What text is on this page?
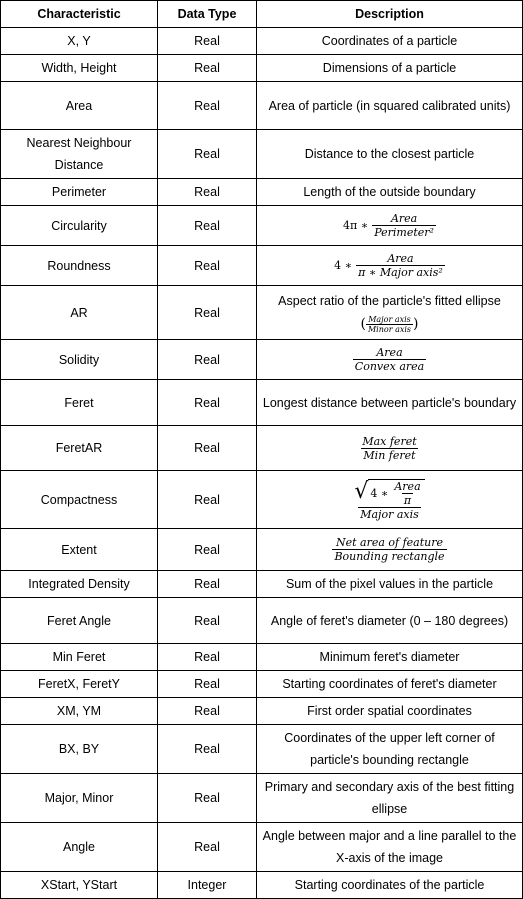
Characteristic	Data Type	Description
X, Y	Real	Coordinates of a particle
Width, Height	Real	Dimensions of a particle
Area	Real	Area of particle (in squared calibrated units)
Nearest Neighbour Distance	Real	Distance to the closest particle
Perimeter	Real	Length of the outside boundary
Circularity	Real	4π ∗ $\frac{\text{Area}}{\text{Perimeter²}}$

Roundness	Real	4 ∗ $\frac{\text{Area}}{\text{π ∗ Major axis²}}$

AR	Real	Aspect ratio of the particle's fitted ellipse
( $\frac{\text{Major axis}}{\text{Minor axis}}$ )
Solidity	Real	$\frac{\text{Area}}{\text{Convex area}}$

Feret	Real	Longest distance between particle's boundary
FeretAR	Real	$\frac{\text{Max feret}}{\text{Min feret}}$

Compactness	Real	$\frac{√ 4 ∗ \frac{\text{Area}}{\pi}}{\text{Major axis}}$

Extent	Real	$\frac{\text{Net area of feature}}{\text{Bounding rectangle}}$

Integrated Density	Real	Sum of the pixel values in the particle
Feret Angle	Real	Angle of feret's diameter (0 – 180 degrees)
Min Feret	Real	Minimum feret's diameter
FeretX, FeretY	Real	Starting coordinates of feret's diameter
XM, YM	Real	First order spatial coordinates
BX, BY	Real	Coordinates of the upper left corner of particle's bounding rectangle
Major, Minor	Real	Primary and secondary axis of the best fitting ellipse
Angle	Real	Angle between major and a line parallel to the X-axis of the image
XStart, YStart	Integer	Starting coordinates of the particle
